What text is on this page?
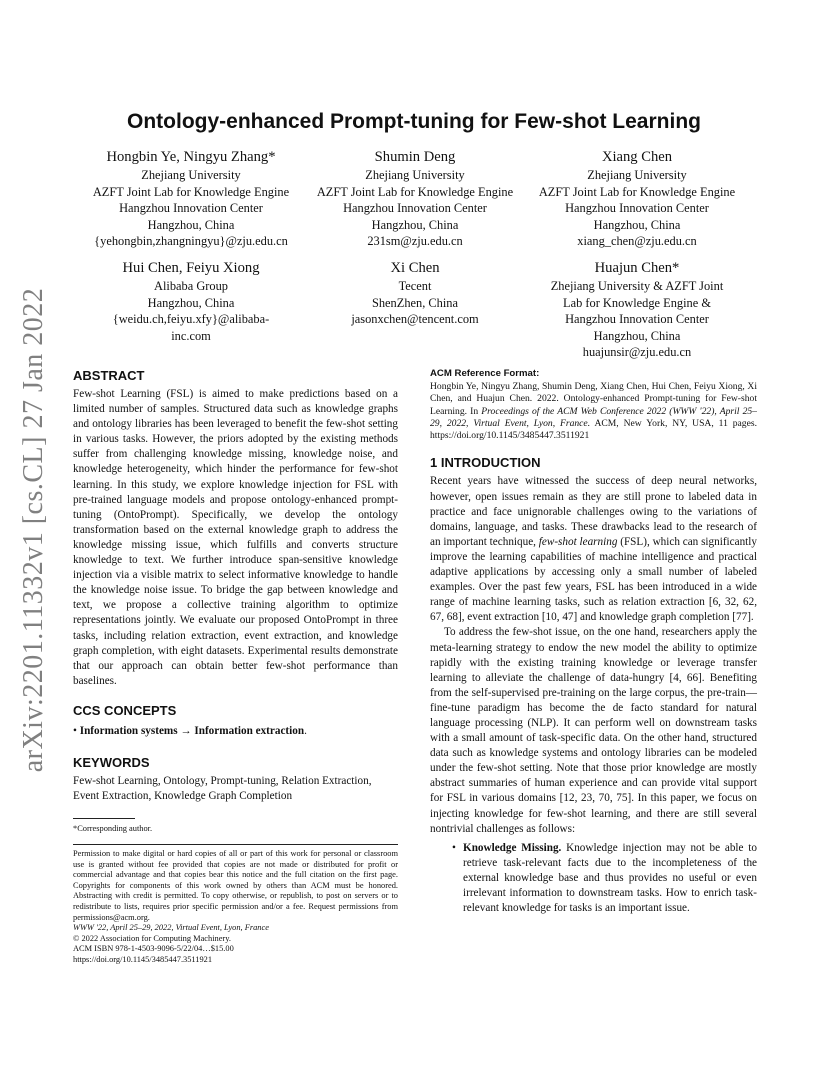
arXiv:2201.11332v1 [cs.CL] 27 Jan 2022
Ontology-enhanced Prompt-tuning for Few-shot Learning
Hongbin Ye, Ningyu Zhang*
Zhejiang University
AZFT Joint Lab for Knowledge Engine
Hangzhou Innovation Center
Hangzhou, China
{yehongbin,zhangningyu}@zju.edu.cn
Shumin Deng
Zhejiang University
AZFT Joint Lab for Knowledge Engine
Hangzhou Innovation Center
Hangzhou, China
231sm@zju.edu.cn
Xiang Chen
Zhejiang University
AZFT Joint Lab for Knowledge Engine
Hangzhou Innovation Center
Hangzhou, China
xiang_chen@zju.edu.cn
Hui Chen, Feiyu Xiong
Alibaba Group
Hangzhou, China
{weidu.ch,feiyu.xfy}@alibaba-
inc.com
Xi Chen
Tecent
ShenZhen, China
jasonxchen@tencent.com
Huajun Chen*
Zhejiang University & AZFT Joint
Lab for Knowledge Engine &
Hangzhou Innovation Center
Hangzhou, China
huajunsir@zju.edu.cn
ABSTRACT

Few-shot Learning (FSL) is aimed to make predictions based on a limited number of samples. Structured data such as knowledge graphs and ontology libraries has been leveraged to benefit the few-shot setting in various tasks. However, the priors adopted by the existing methods suffer from challenging knowledge missing, knowledge noise, and knowledge heterogeneity, which hinder the performance for few-shot learning. In this study, we explore knowledge injection for FSL with pre-trained language models and propose ontology-enhanced prompt-tuning (OntoPrompt). Specifically, we develop the ontology transformation based on the external knowledge graph to address the knowledge missing issue, which fulfills and converts structure knowledge to text. We further introduce span-sensitive knowledge injection via a visible matrix to select informative knowledge to handle the knowledge noise issue. To bridge the gap between knowledge and text, we propose a collective training algorithm to optimize representations jointly. We evaluate our proposed OntoPrompt in three tasks, including relation extraction, event extraction, and knowledge graph completion, with eight datasets. Experimental results demonstrate that our approach can obtain better few-shot performance than baselines.

CCS CONCEPTS

• Information systems → Information extraction.

KEYWORDS

Few-shot Learning, Ontology, Prompt-tuning, Relation Extraction, Event Extraction, Knowledge Graph Completion

*Corresponding author.
Permission to make digital or hard copies of all or part of this work for personal or classroom use is granted without fee provided that copies are not made or distributed for profit or commercial advantage and that copies bear this notice and the full citation on the first page. Copyrights for components of this work owned by others than ACM must be honored. Abstracting with credit is permitted. To copy otherwise, or republish, to post on servers or to redistribute to lists, requires prior specific permission and/or a fee. Request permissions from permissions@acm.org.
WWW '22, April 25–29, 2022, Virtual Event, Lyon, France
© 2022 Association for Computing Machinery.
ACM ISBN 978-1-4503-9096-5/22/04…$15.00
https://doi.org/10.1145/3485447.3511921
ACM Reference Format:

Hongbin Ye, Ningyu Zhang, Shumin Deng, Xiang Chen, Hui Chen, Feiyu Xiong, Xi Chen, and Huajun Chen. 2022. Ontology-enhanced Prompt-tuning for Few-shot Learning. In Proceedings of the ACM Web Conference 2022 (WWW '22), April 25–29, 2022, Virtual Event, Lyon, France. ACM, New York, NY, USA, 11 pages. https://doi.org/10.1145/3485447.3511921

1 INTRODUCTION

Recent years have witnessed the success of deep neural networks, however, open issues remain as they are still prone to labeled data in practice and face unignorable challenges owing to the variations of domains, language, and tasks. These drawbacks lead to the research of an important technique, few-shot learning (FSL), which can significantly improve the learning capabilities of machine intelligence and practical adaptive applications by accessing only a small number of labeled examples. Over the past few years, FSL has been introduced in a wide range of machine learning tasks, such as relation extraction [6, 32, 62, 67, 68], event extraction [10, 47] and knowledge graph completion [77].

To address the few-shot issue, on the one hand, researchers apply the meta-learning strategy to endow the new model the ability to optimize rapidly with the existing training knowledge or leverage transfer learning to alleviate the challenge of data-hungry [4, 66]. Benefiting from the self-supervised pre-training on the large corpus, the pre-train—fine-tune paradigm has become the de facto standard for natural language processing (NLP). It can perform well on downstream tasks with a small amount of task-specific data. On the other hand, structured data such as knowledge systems and ontology libraries can be modeled under the few-shot setting. Note that those prior knowledge are mostly abstract summaries of human experience and can provide vital support for FSL in various domains [12, 23, 70, 75]. In this paper, we focus on injecting knowledge for few-shot learning, and there are still several nontrivial challenges as follows:

• Knowledge Missing. Knowledge injection may not be able to retrieve task-relevant facts due to the incompleteness of the external knowledge base and thus provides no useful or even irrelevant information to downstream tasks. How to enrich task-relevant knowledge for tasks is an important issue.
